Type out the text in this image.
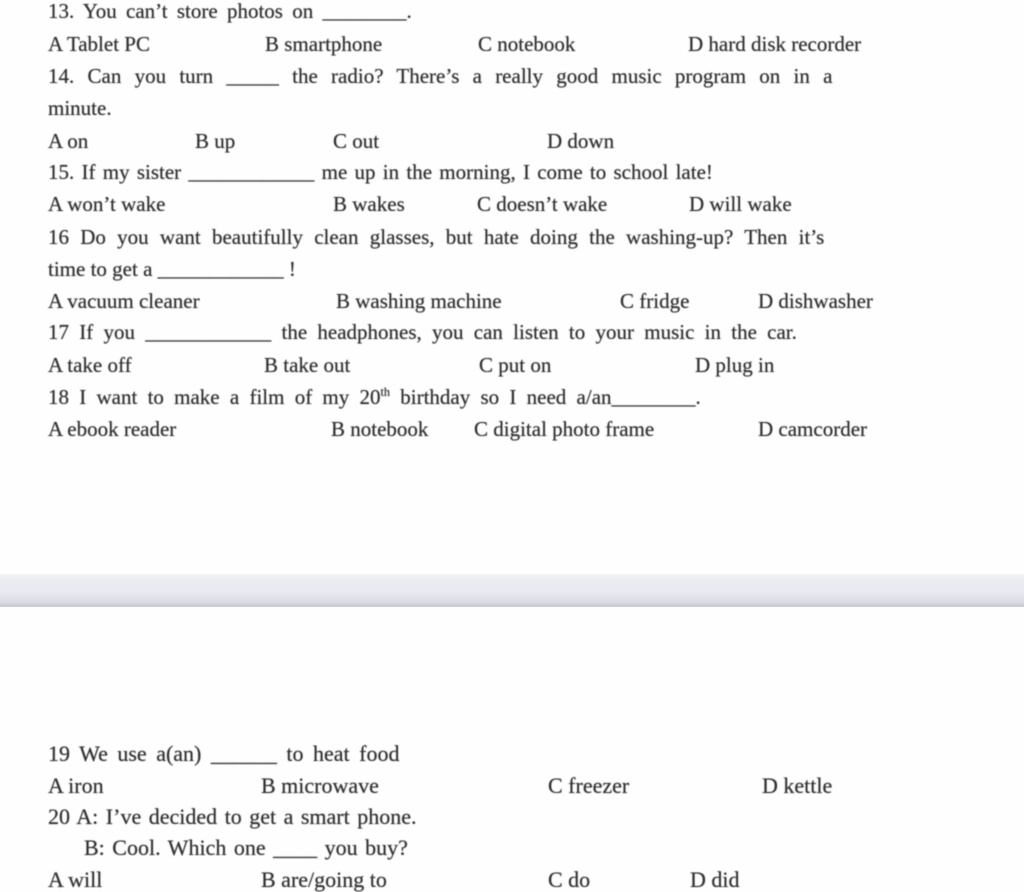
13. You can’t store photos on ________.
A Tablet PC	B smartphone	C notebook	D hard disk recorder
14. Can you turn _____ the radio? There’s a really good music program on in a
minute.
A on	B up	C out	D down
15. If my sister ____________ me up in the morning, I come to school late!
A won’t wake	B wakes	C doesn’t wake	D will wake
16 Do you want beautifully clean glasses, but hate doing the washing-up? Then it’s
time to get a ____________ !
A vacuum cleaner	B washing machine	C fridge	D dishwasher
17 If you ____________ the headphones, you can listen to your music in the car.
A take off	B take out	C put on	D plug in
18 I want to make a film of my 20th birthday so I need a/an________.
A ebook reader	B notebook C digital photo frame	D camcorder
19 We use a(an) ______ to heat food
A iron	B microwave	C freezer	D kettle
20 A: I’ve decided to get a smart phone.
B: Cool. Which one ____ you buy?
A will	B are/going to	C do	D did
